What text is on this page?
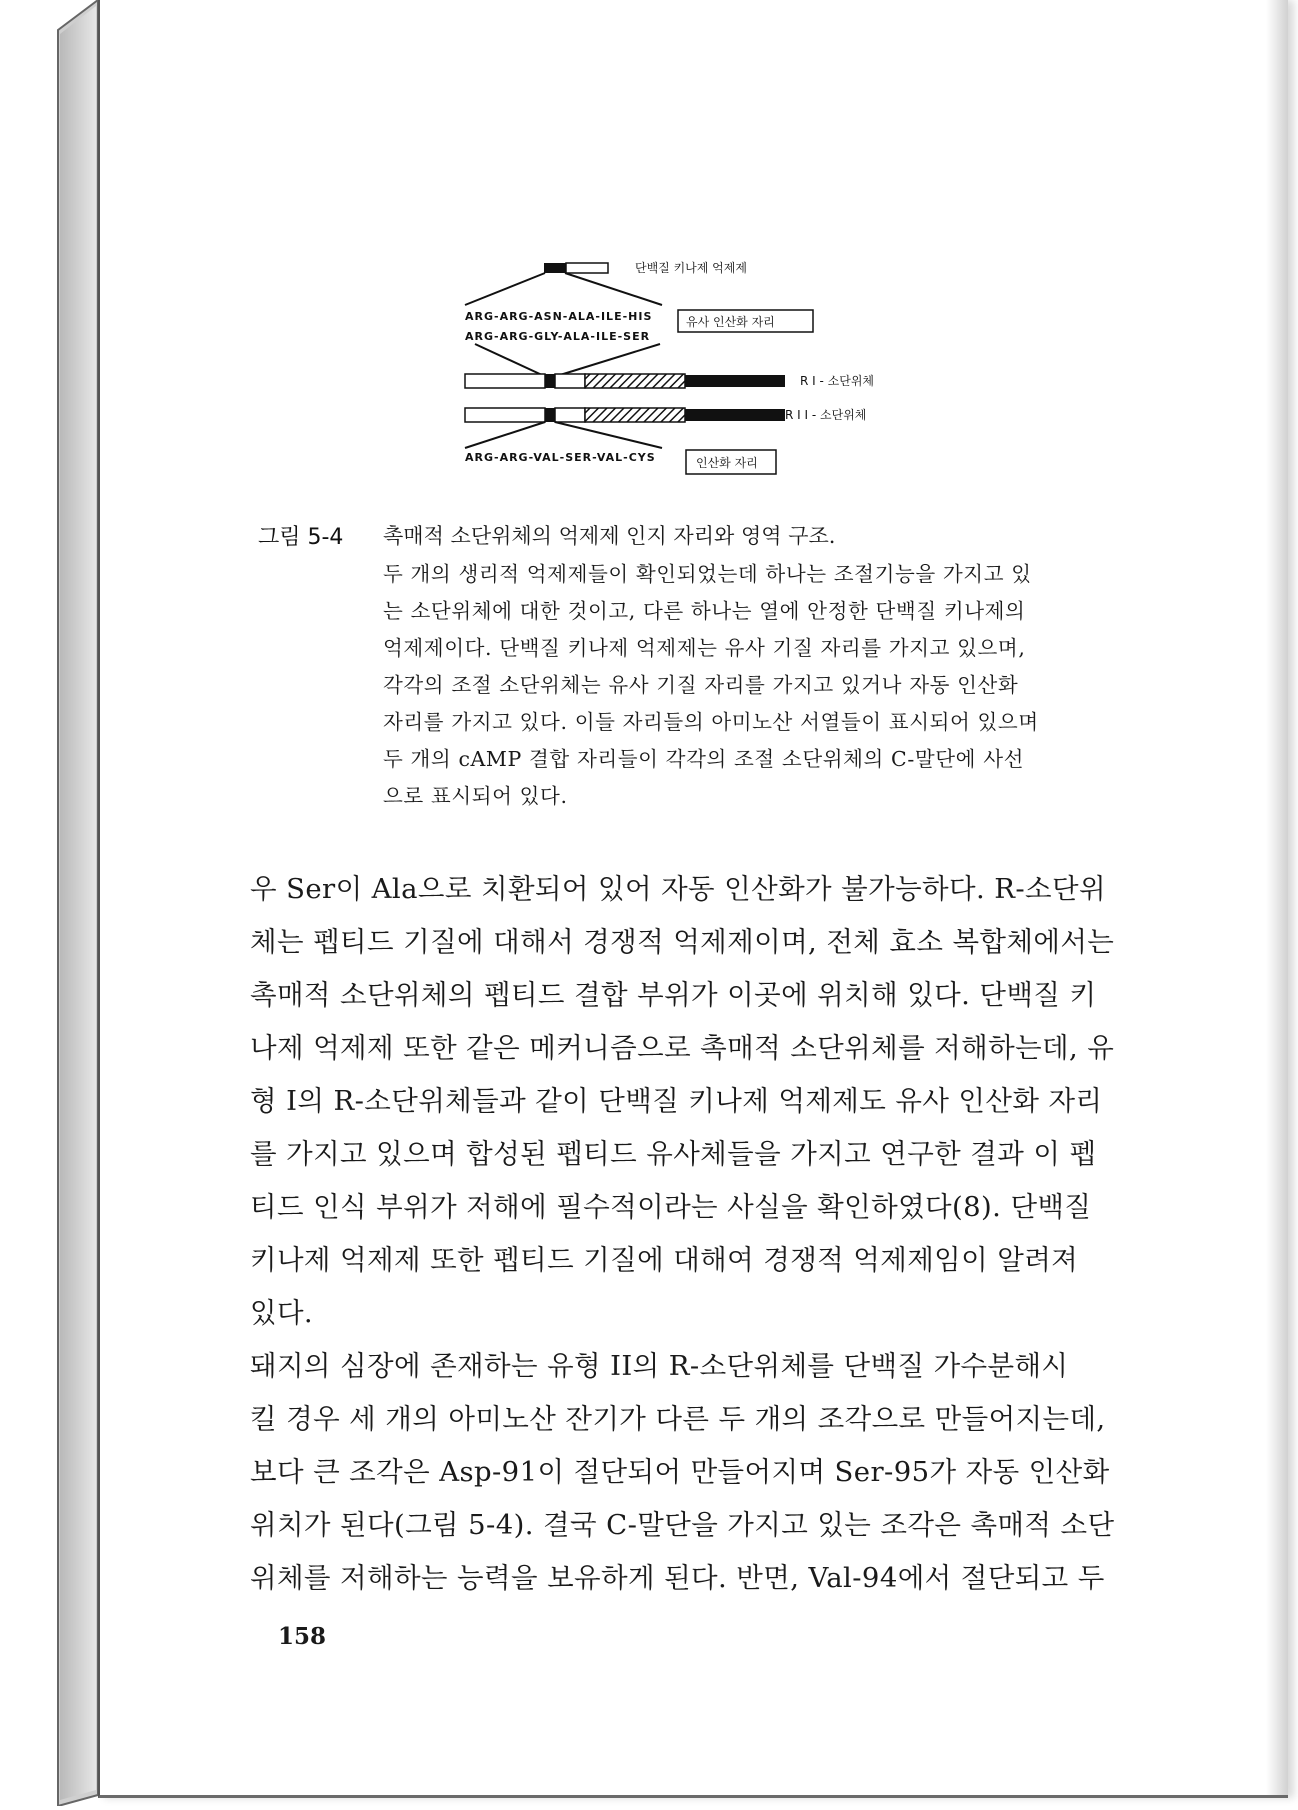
단백질 키나제 억제제
ARG-ARG-ASN-ALA-ILE-HIS	유사 인산화 자리
ARG-ARG-GLY-ALA-ILE-SER
R I - 소단위체
R I I - 소단위체
ARG-ARG-VAL-SER-VAL-CYS	인산화 자리
그림 5-4 촉매적 소단위체의 억제제 인지 자리와 영역 구조.
두 개의 생리적 억제제들이 확인되었는데 하나는 조절기능을 가지고 있
는 소단위체에 대한 것이고, 다른 하나는 열에 안정한 단백질 키나제의
억제제이다. 단백질 키나제 억제제는 유사 기질 자리를 가지고 있으며,
각각의 조절 소단위체는 유사 기질 자리를 가지고 있거나 자동 인산화
자리를 가지고 있다. 이들 자리들의 아미노산 서열들이 표시되어 있으며
두 개의 cAMP 결합 자리들이 각각의 조절 소단위체의 C-말단에 사선
으로 표시되어 있다.
우 Ser이 Ala으로 치환되어 있어 자동 인산화가 불가능하다. R-소단위
체는 펩티드 기질에 대해서 경쟁적 억제제이며, 전체 효소 복합체에서는
촉매적 소단위체의 펩티드 결합 부위가 이곳에 위치해 있다. 단백질 키
나제 억제제 또한 같은 메커니즘으로 촉매적 소단위체를 저해하는데, 유
형 I의 R-소단위체들과 같이 단백질 키나제 억제제도 유사 인산화 자리
를 가지고 있으며 합성된 펩티드 유사체들을 가지고 연구한 결과 이 펩
티드 인식 부위가 저해에 필수적이라는 사실을 확인하였다(8). 단백질
키나제 억제제 또한 펩티드 기질에 대해여 경쟁적 억제제임이 알려져
있다.
돼지의 심장에 존재하는 유형 II의 R-소단위체를 단백질 가수분해시
킬 경우 세 개의 아미노산 잔기가 다른 두 개의 조각으로 만들어지는데,
보다 큰 조각은 Asp-91이 절단되어 만들어지며 Ser-95가 자동 인산화
위치가 된다(그림 5-4). 결국 C-말단을 가지고 있는 조각은 촉매적 소단
위체를 저해하는 능력을 보유하게 된다. 반면, Val-94에서 절단되고 두
158
